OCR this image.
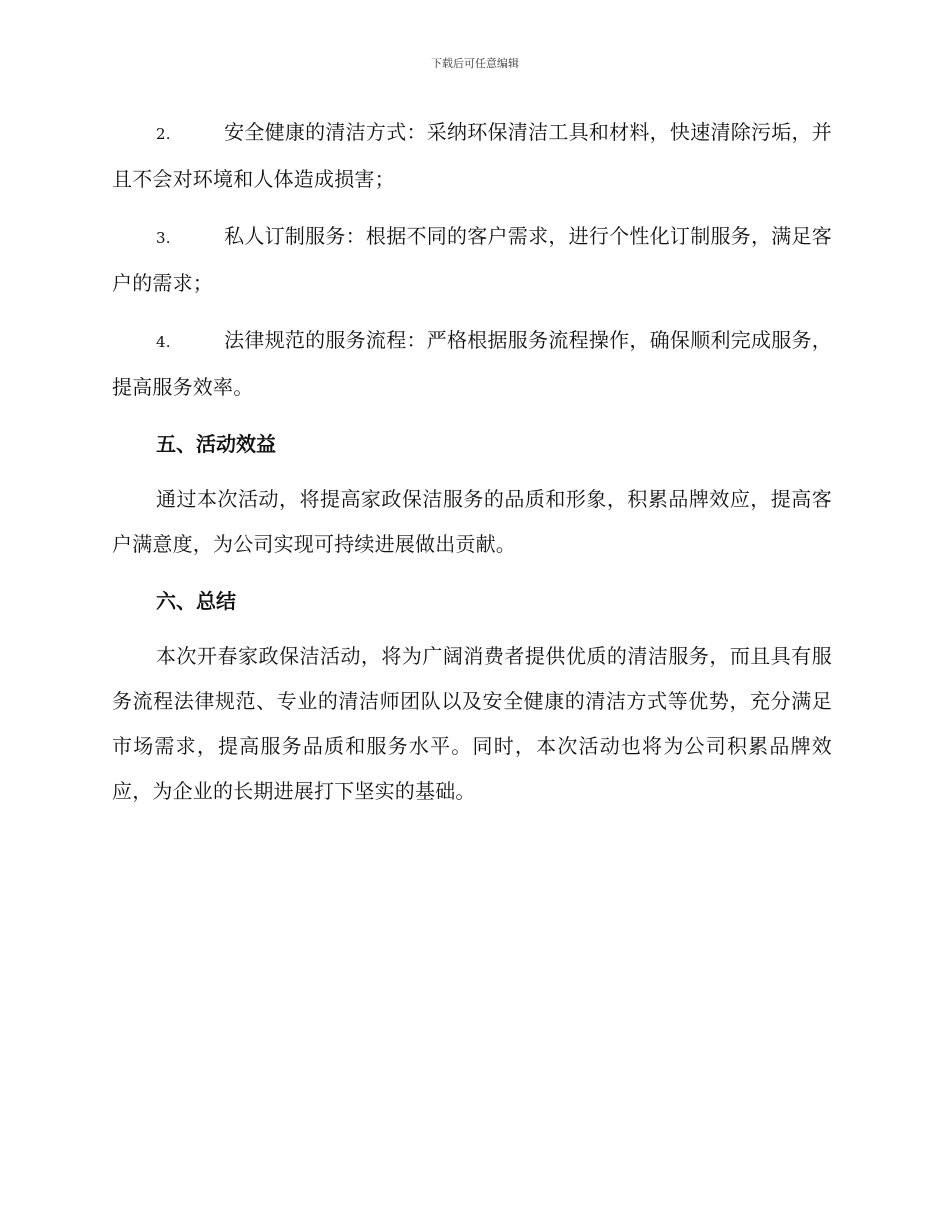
下载后可任意编辑

2.	安全健康的清洁方式：采纳环保清洁工具和材料，快速清除污垢，并且不会对环境和人体造成损害；

3.	私人订制服务：根据不同的客户需求，进行个性化订制服务，满足客户的需求；

4.	法律规范的服务流程：严格根据服务流程操作，确保顺利完成服务，提高服务效率。

五、活动效益

通过本次活动，将提高家政保洁服务的品质和形象，积累品牌效应，提高客户满意度，为公司实现可持续进展做出贡献。

六、总结

本次开春家政保洁活动，将为广阔消费者提供优质的清洁服务，而且具有服务流程法律规范、专业的清洁师团队以及安全健康的清洁方式等优势，充分满足市场需求，提高服务品质和服务水平。同时，本次活动也将为公司积累品牌效应，为企业的长期进展打下坚实的基础。
